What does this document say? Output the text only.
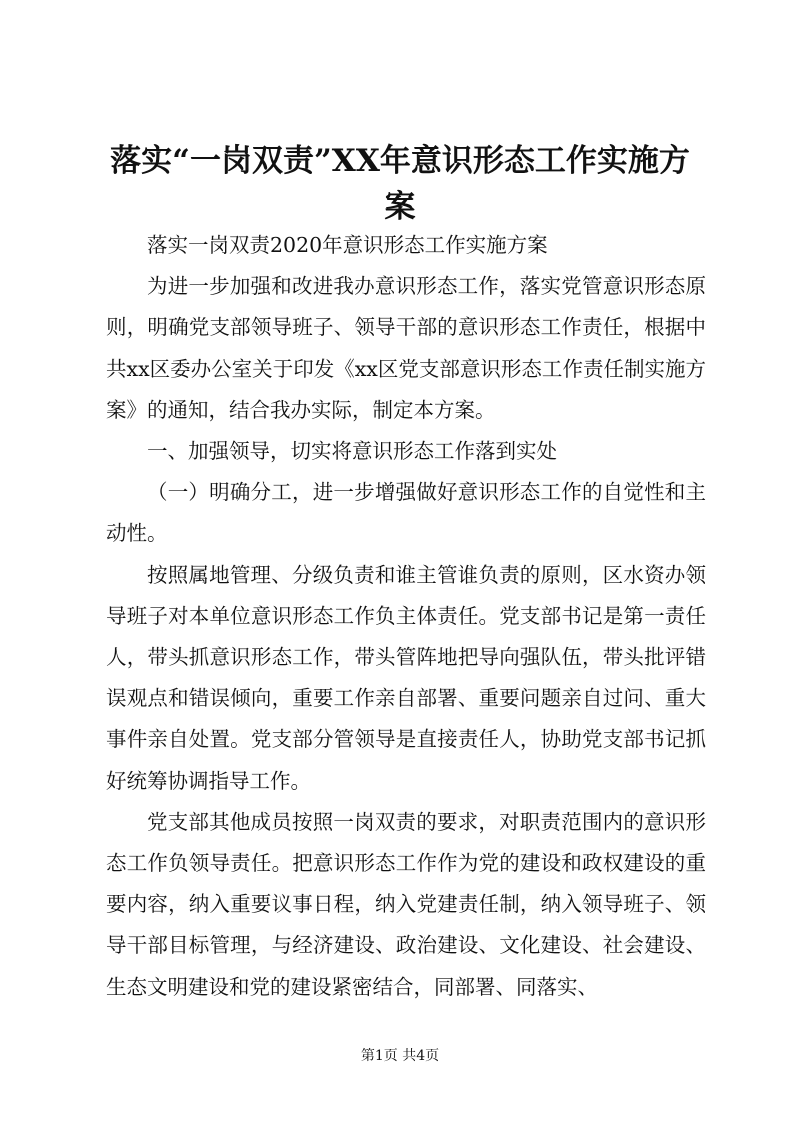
落实“一岗双责”XX年意识形态工作实施方案

落实一岗双责2020年意识形态工作实施方案

为进一步加强和改进我办意识形态工作，落实党管意识形态原则，明确党支部领导班子、领导干部的意识形态工作责任，根据中共xx区委办公室关于印发《xx区党支部意识形态工作责任制实施方案》的通知，结合我办实际，制定本方案。

一、加强领导，切实将意识形态工作落到实处

（一）明确分工，进一步增强做好意识形态工作的自觉性和主动性。

按照属地管理、分级负责和谁主管谁负责的原则，区水资办领导班子对本单位意识形态工作负主体责任。党支部书记是第一责任人，带头抓意识形态工作，带头管阵地把导向强队伍，带头批评错误观点和错误倾向，重要工作亲自部署、重要问题亲自过问、重大事件亲自处置。党支部分管领导是直接责任人，协助党支部书记抓好统筹协调指导工作。

党支部其他成员按照一岗双责的要求，对职责范围内的意识形态工作负领导责任。把意识形态工作作为党的建设和政权建设的重要内容，纳入重要议事日程，纳入党建责任制，纳入领导班子、领导干部目标管理，与经济建设、政治建设、文化建设、社会建设、生态文明建设和党的建设紧密结合，同部署、同落实、

第1页 共4页
